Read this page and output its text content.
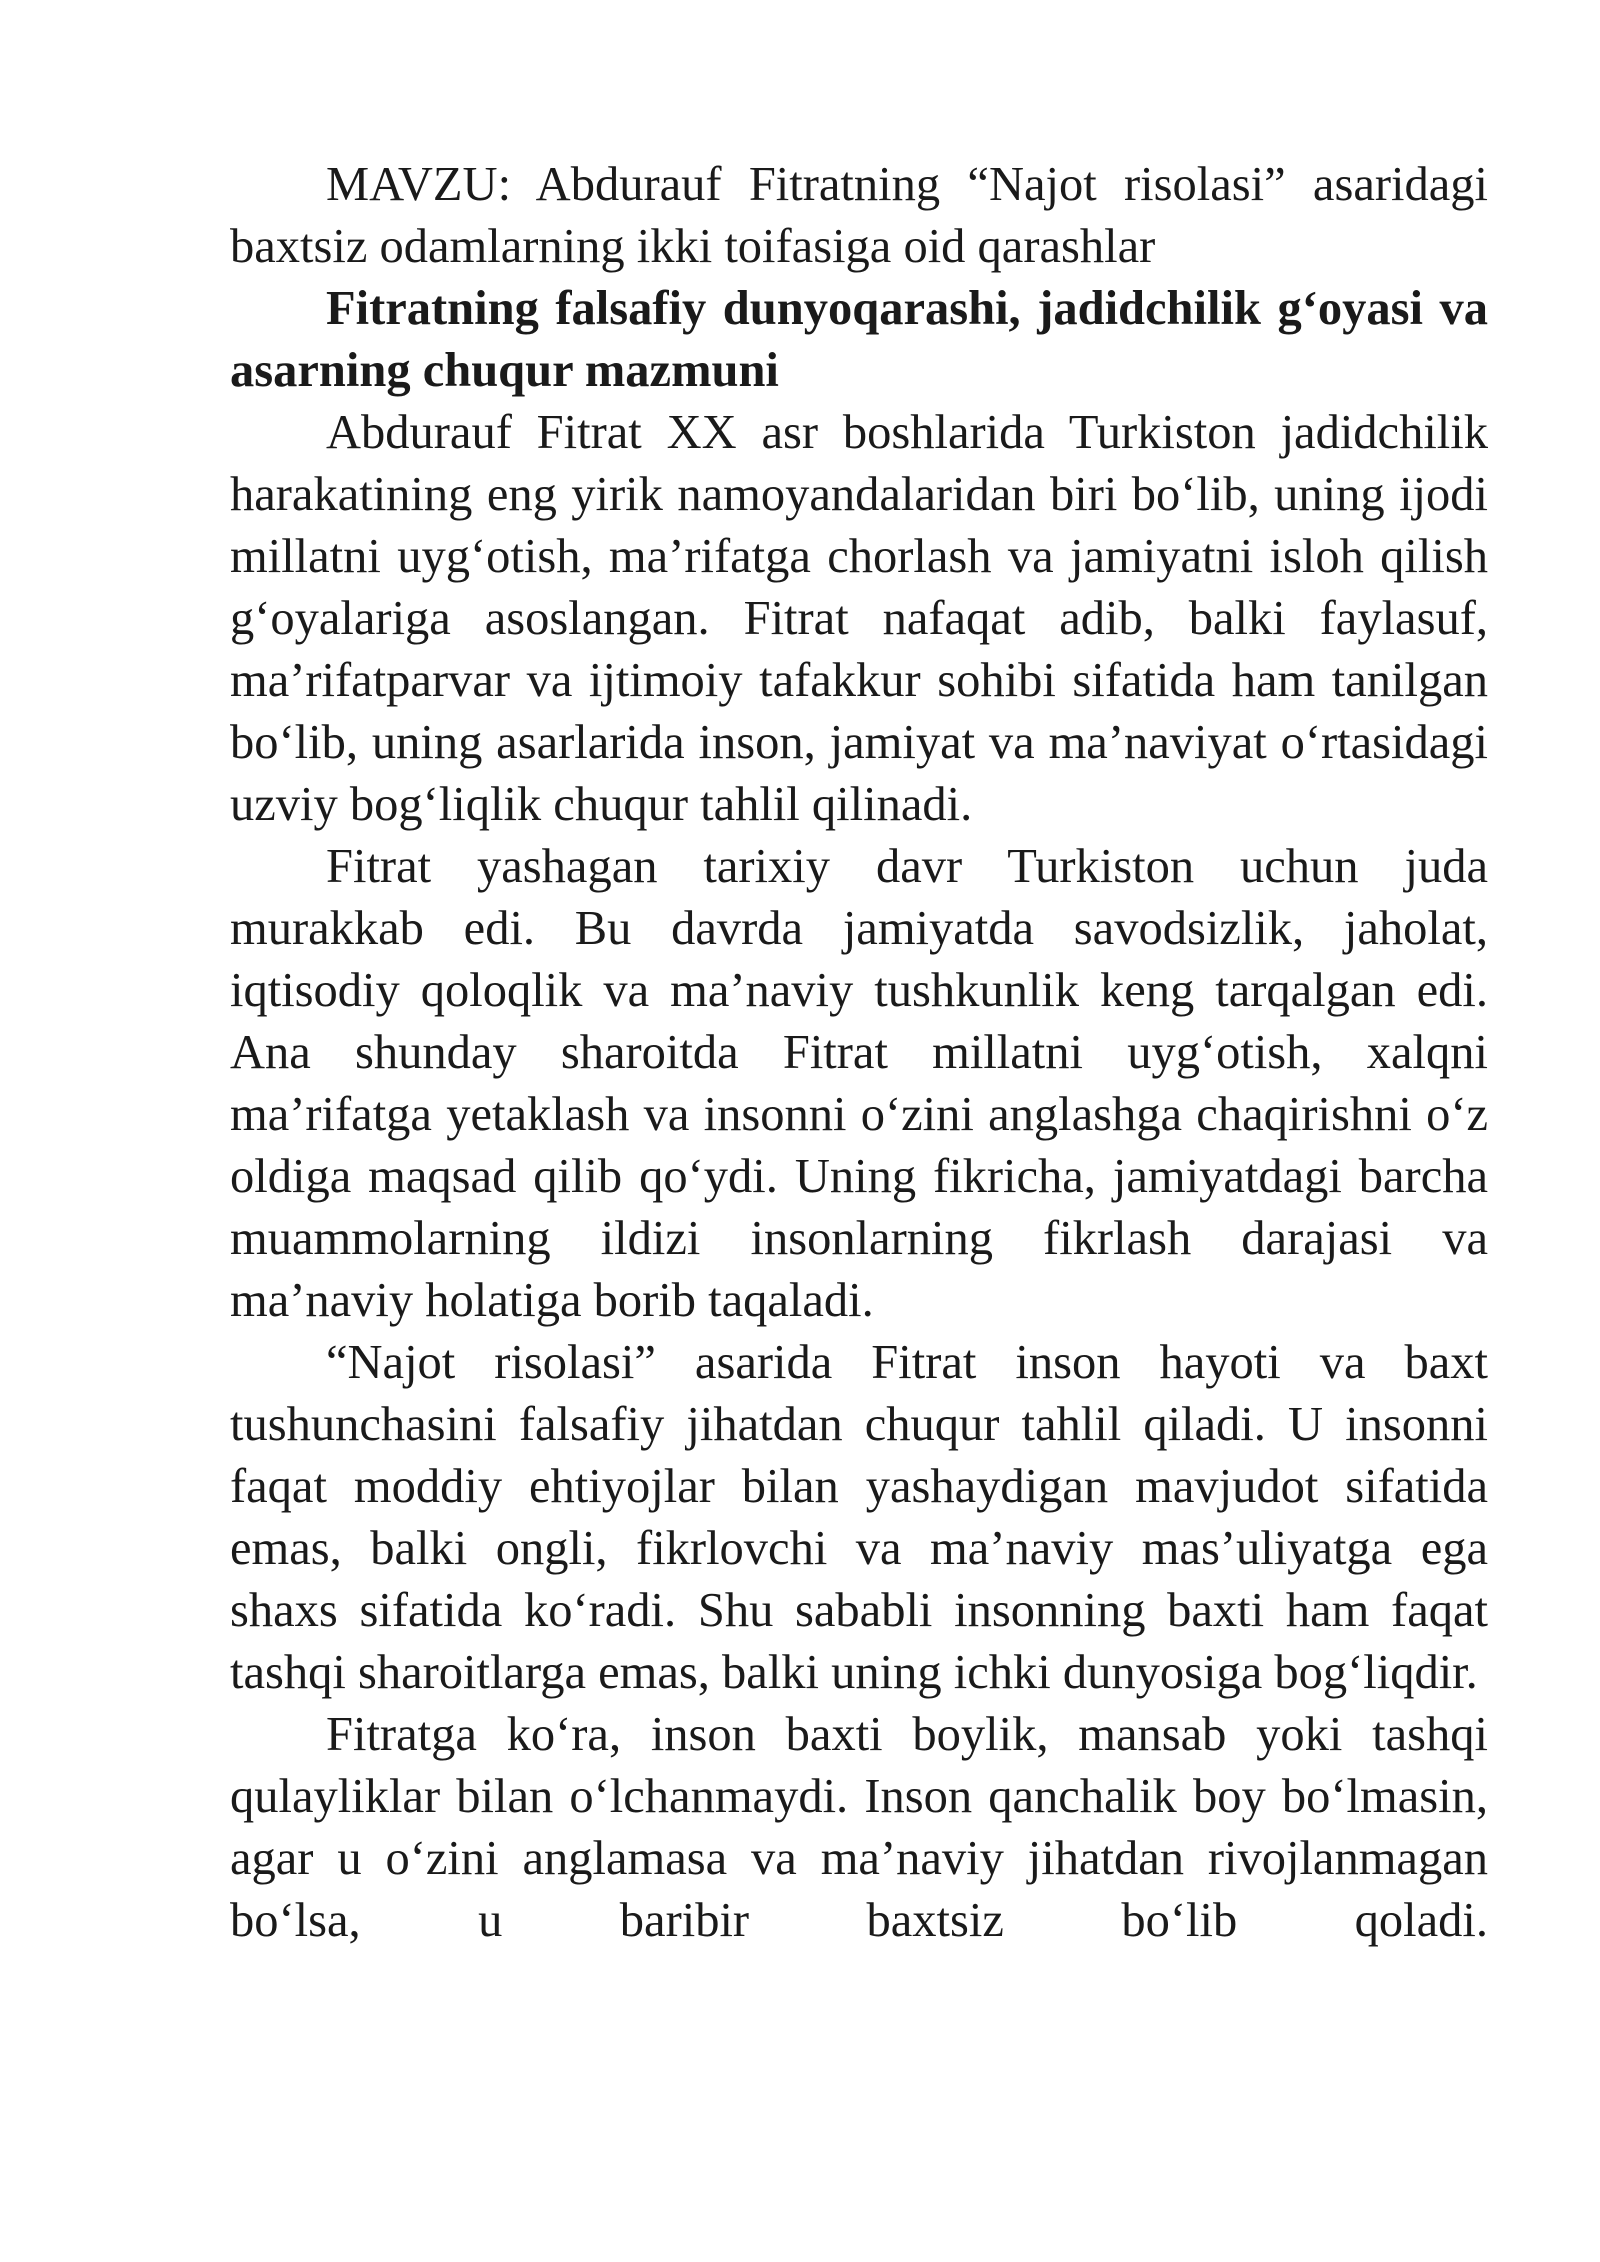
MAVZU: Abdurauf Fitratning “Najot risolasi” asaridagi baxtsiz odamlarning ikki toifasiga oid qarashlar

Fitratning falsafiy dunyoqarashi, jadidchilik g‘oyasi va asarning chuqur mazmuni

Abdurauf Fitrat XX asr boshlarida Turkiston jadidchilik harakatining eng yirik namoyandalaridan biri bo‘lib, uning ijodi millatni uyg‘otish, ma’rifatga chorlash va jamiyatni isloh qilish g‘oyalariga asoslangan. Fitrat nafaqat adib, balki faylasuf, ma’rifatparvar va ijtimoiy tafakkur sohibi sifatida ham tanilgan bo‘lib, uning asarlarida inson, jamiyat va ma’naviyat o‘rtasidagi uzviy bog‘liqlik chuqur tahlil qilinadi.

Fitrat yashagan tarixiy davr Turkiston uchun juda murakkab edi. Bu davrda jamiyatda savodsizlik, jaholat, iqtisodiy qoloqlik va ma’naviy tushkunlik keng tarqalgan edi. Ana shunday sharoitda Fitrat millatni uyg‘otish, xalqni ma’rifatga yetaklash va insonni o‘zini anglashga chaqirishni o‘z oldiga maqsad qilib qo‘ydi. Uning fikricha, jamiyatdagi barcha muammolarning ildizi insonlarning fikrlash darajasi va ma’naviy holatiga borib taqaladi.

“Najot risolasi” asarida Fitrat inson hayoti va baxt tushunchasini falsafiy jihatdan chuqur tahlil qiladi. U insonni faqat moddiy ehtiyojlar bilan yashaydigan mavjudot sifatida emas, balki ongli, fikrlovchi va ma’naviy mas’uliyatga ega shaxs sifatida ko‘radi. Shu sababli insonning baxti ham faqat tashqi sharoitlarga emas, balki uning ichki dunyosiga bog‘liqdir.

Fitratga ko‘ra, inson baxti boylik, mansab yoki tashqi qulayliklar bilan o‘lchanmaydi. Inson qanchalik boy bo‘lmasin, agar u o‘zini anglamasa va ma’naviy jihatdan rivojlanmagan bo‘lsa, u baribir baxtsiz bo‘lib qoladi.
